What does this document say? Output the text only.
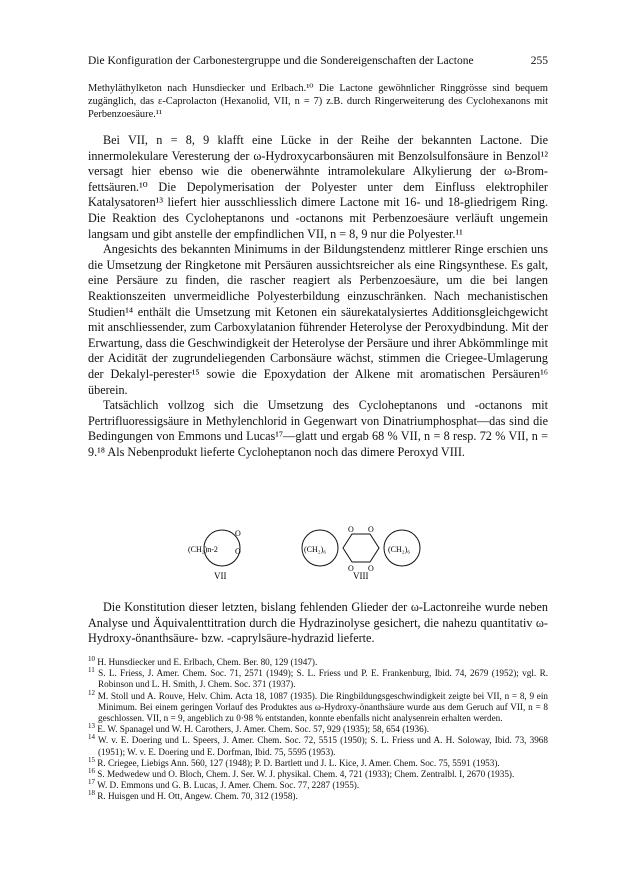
Die Konfiguration der Carbonestergruppe und die Sondereigenschaften der Lactone	255
Methyläthylketon nach Hunsdiecker und Erlbach.¹⁰ Die Lactone gewöhnlicher Ringgrösse sind bequem zugänglich, das ε-Caprolacton (Hexanolid, VII, n = 7) z.B. durch Ringerweiterung des Cyclohexanons mit Perbenzoesäure.¹¹

Bei VII, n = 8, 9 klafft eine Lücke in der Reihe der bekannten Lactone. Die innermolekulare Veresterung der ω-Hydroxycarbonsäuren mit Benzolsulfonsäure in Benzol¹² versagt hier ebenso wie die obenerwähnte intramolekulare Alkylierung der ω-Brom-fettsäuren.¹⁰ Die Depolymerisation der Polyester unter dem Einfluss elektrophiler Katalysatoren¹³ liefert hier ausschliesslich dimere Lactone mit 16- und 18-gliedrigem Ring. Die Reaktion des Cycloheptanons und -octanons mit Perbenzoesäure verläuft ungemein langsam und gibt anstelle der empfindlichen VII, n = 8, 9 nur die Polyester.¹¹

Angesichts des bekannten Minimums in der Bildungstendenz mittlerer Ringe erschien uns die Umsetzung der Ringketone mit Persäuren aussichtsreicher als eine Ringsynthese. Es galt, eine Persäure zu finden, die rascher reagiert als Perbenzoesäure, um die bei langen Reaktionszeiten unvermeidliche Polyesterbildung einzuschränken. Nach mechanistischen Studien¹⁴ enthält die Umsetzung mit Ketonen ein säurekatalysiertes Additionsgleichgewicht mit anschliessender, zum Carboxylatanion führender Heterolyse der Peroxydbindung. Mit der Erwartung, dass die Geschwindigkeit der Heterolyse der Persäure und ihrer Abkömmlinge mit der Acidität der zugrundeliegenden Carbonsäure wächst, stimmen die Criegee-Umlagerung der Dekalyl-perester¹⁵ sowie die Epoxydation der Alkene mit aromatischen Persäuren¹⁶ überein.

Tatsächlich vollzog sich die Umsetzung des Cycloheptanons und -octanons mit Pertrifluoressigsäure in Methylenchlorid in Gegenwart von Dinatriumphosphat—das sind die Bedingungen von Emmons und Lucas¹⁷—glatt und ergab 68 % VII, n = 8 resp. 72 % VII, n = 9.¹⁸ Als Nebenprodukt lieferte Cycloheptanon noch das dimere Peroxyd VIII.

(CH₂)n-2
O
O
VII
(CH₂)₆	(CH₂)₆
O O
O O
VIII
Die Konstitution dieser letzten, bislang fehlenden Glieder der ω-Lactonreihe wurde neben Analyse und Äquivalenttitration durch die Hydrazinolyse gesichert, die nahezu quantitativ ω-Hydroxy-önanthsäure- bzw. -caprylsäure-hydrazid lieferte.
$^{10}$ H. Hunsdiecker und E. Erlbach, Chem. Ber. 80, 129 (1947).
$^{11}$ S. L. Friess, J. Amer. Chem. Soc. 71, 2571 (1949); S. L. Friess und P. E. Frankenburg, Ibid. 74, 2679 (1952); vgl. R. Robinson und L. H. Smith, J. Chem. Soc. 371 (1937).
$^{12}$ M. Stoll und A. Rouve, Helv. Chim. Acta 18, 1087 (1935). Die Ringbildungsgeschwindigkeit zeigte bei VII, n = 8, 9 ein Minimum. Bei einem geringen Vorlauf des Produktes aus ω-Hydroxy-önanthsäure wurde aus dem Geruch auf VII, n = 8 geschlossen. VII, n = 9, angeblich zu 0·98 % entstanden, konnte ebenfalls nicht analysenrein erhalten werden.
$^{13}$ E. W. Spanagel und W. H. Carothers, J. Amer. Chem. Soc. 57, 929 (1935); 58, 654 (1936).
$^{14}$ W. v. E. Doering und L. Speers, J. Amer. Chem. Soc. 72, 5515 (1950); S. L. Friess und A. H. Soloway, Ibid. 73, 3968 (1951); W. v. E. Doering und E. Dorfman, Ibid. 75, 5595 (1953).
$^{15}$ R. Criegee, Liebigs Ann. 560, 127 (1948); P. D. Bartlett und J. L. Kice, J. Amer. Chem. Soc. 75, 5591 (1953).
$^{16}$ S. Medwedew und O. Bloch, Chem. J. Ser. W. J. physikal. Chem. 4, 721 (1933); Chem. Zentralbl. I, 2670 (1935).
$^{17}$ W. D. Emmons und G. B. Lucas, J. Amer. Chem. Soc. 77, 2287 (1955).
$^{18}$ R. Huisgen und H. Ott, Angew. Chem. 70, 312 (1958).
